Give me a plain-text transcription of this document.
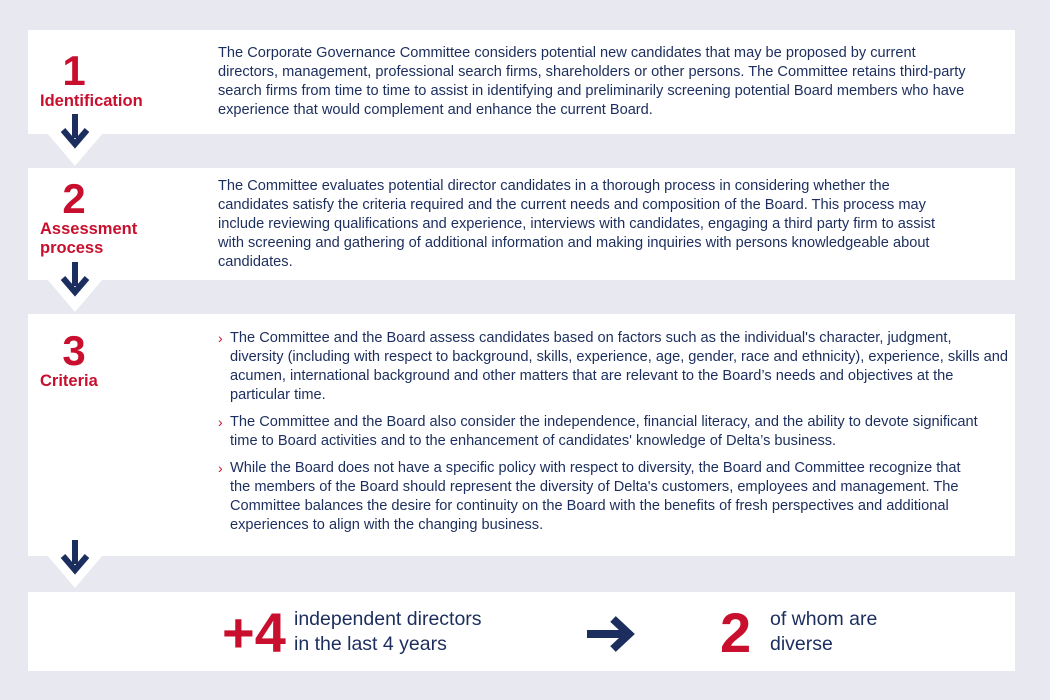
1
Identification
The Corporate Governance Committee considers potential new candidates that may be proposed by current directors, management, professional search firms, shareholders or other persons. The Committee retains third-party search firms from time to time to assist in identifying and preliminarily screening potential Board members who have experience that would complement and enhance the current Board.
2
Assessment
process
The Committee evaluates potential director candidates in a thorough process in considering whether the candidates satisfy the criteria required and the current needs and composition of the Board. This process may include reviewing qualifications and experience, interviews with candidates, engaging a third party firm to assist with screening and gathering of additional information and making inquiries with persons knowledgeable about candidates.
3
Criteria
› The Committee and the Board assess candidates based on factors such as the individual's character, judgment, diversity (including with respect to background, skills, experience, age, gender, race and ethnicity), experience, skills and acumen, international background and other matters that are relevant to the Board’s needs and objectives at the particular time.
› The Committee and the Board also consider the independence, financial literacy, and the ability to devote significant time to Board activities and to the enhancement of candidates' knowledge of Delta’s business.
› While the Board does not have a specific policy with respect to diversity, the Board and Committee recognize that the members of the Board should represent the diversity of Delta's customers, employees and management. The Committee balances the desire for continuity on the Board with the benefits of fresh perspectives and additional experiences to align with the changing business.
+4 independent directors
in the last 4 years	2 of whom are
diverse
